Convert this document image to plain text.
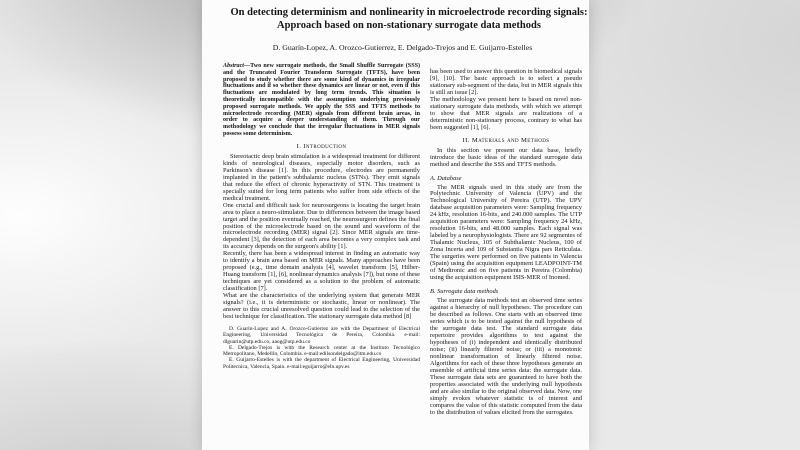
On detecting determinism and nonlinearity in microelectrode recording signals: Approach based on non-stationary surrogate data methods
D. Guarín-Lopez, A. Orozco-Gutierrez, E. Delgado-Trejos and E. Guijarro-Estelles
Abstract—Two new surrogate methods, the Small Shuffle Surrogate (SSS) and the Truncated Fourier Transform Surrogate (TFTS), have been proposed to study whether there are some kind of dynamics in irregular fluctuations and if so whether these dynamics are linear or not, even if this fluctuations are modulated by long term trends. This situation is theoretically incompatible with the assumption underlying previously proposed surrogate methods. We apply the SSS and TFTS methods to microelectrode recording (MER) signals from different brain areas, in order to acquire a deeper understanding of them. Through our methodology we conclude that the irregular fluctuations in MER signals possess some determinism.
I. Introduction

Stereotactic deep brain stimulation is a widespread treatment for different kinds of neurological diseases, especially motor disorders, such as Parkinson's disease [1]. In this procedure, electrodes are permanently implanted in the patient's subthalamic nucleus (STNs). They emit signals that reduce the effect of chronic hyperactivity of STN. This treatment is specially suited for long term patients who suffer from side effects of the medical treatment.

One crucial and difficult task for neurosurgeons is locating the target brain area to place a neuro-stimulator. Due to differences between the image based target and the position eventually reached, the neurosurgeon defines the final position of the microelectrode based on the sound and waveform of the microelectrode recording (MER) signal [2]. Since MER signals are time-dependent [3], the detection of each area becomes a very complex task and its accuracy depends on the surgeon's ability [1].

Recently, there has been a widespread interest in finding an automatic way to identify a brain area based on MER signals. Many approaches have been proposed (e.g., time domain analysis [4], wavelet transform [5], Hilber-Huang transform [1], [6], nonlinear dynamics analysis [7]), but none of these techniques are yet considered as a solution to the problem of automatic classification [7].

What are the characteristics of the underlying system that generate MER signals? (i.e., it is deterministic or stochastic, linear or nonlinear). The answer to this crucial unresolved question could lead to the selection of the best technique for classification. The stationary surrogate data method [8]

D. Guarín-Lopez and A. Orozco-Gutierrez are with the Department of Electrical Engineering, Universidad Tecnológica de Pereira, Colombia. e-mail: dlguarin@utp.edu.co, aaog@utp.edu.co

E. Delgado-Trejos is with the Research center at the Instituto Tecnológico Metropolitano, Medellín, Colombia. e-mail:edilsondelgado@itm.edu.co

E. Guijarro-Estelles is with the department of Electrical Engineering, Universidad Politecnica, Valencia, Spain. e-mail:eguijarro@eln.upv.es

has been used to answer this question in biomedical signals [9], [10]. The basic approach is to select a pseudo stationary sub-segment of the data, but in MER signals this is still an issue [2].

The methodology we present here is based on novel non-stationary surrogate data methods, with which we attempt to show that MER signals are realizations of a deterministic non-stationary process, contrary to what has been suggested [1], [6].

II. Materials and Methods

In this section we present our data base, briefly introduce the basic ideas of the standard surrogate data method and describe the SSS and TFTS methods.

A. Database

The MER signals used in this study are from the Polytechnic University of Valencia (UPV) and the Technological University of Pereira (UTP). The UPV database acquisition parameters were: Sampling frequency 24 kHz, resolution 16-bits, and 240.000 samples. The UTP acquisition parameters were: Sampling frequency 24 kHz, resolution 16-bits, and 48.000 samples. Each signal was labeled by a neurophysiologists. There are 92 segmentes of Thalamic Nucleus, 105 of Subthalamic Nucleus, 100 of Zona Incerta and 109 of Substantia Nigra pars Reticulata. The surgeries were performed on five patients in Valencia (Spain) using the acquisition equipment LEADPOINT-TM of Medtronic and on five patients in Pereira (Colombia) using the acquisition equipment ISIS-MER of Inomed.

B. Surrogate data methods

The surrogate data methods test an observed time series against a hierarchy of null hypotheses. The procedure can be described as follows. One starts with an observed time series which is to be tested against the null hypothesis of the surrogate data test. The standard surrogate data repertoire provides algorithms to test against the hypotheses of (i) independent and identically distributed noise; (ii) linearly filtered noise; or (iii) a monotonic nonlinear transformation of linearly filtered noise. Algorithms for each of these three hypotheses generate an ensemble of artificial time series data: the surrogate data. These surrogate data sets are guaranteed to have both the properties associated with the underlying null hypothesis and are also similar to the original observed data. Now, one simply evokes whatever statistic is of interest and compares the value of this statistic computed from the data to the distribution of values elicited from the surrogates.
